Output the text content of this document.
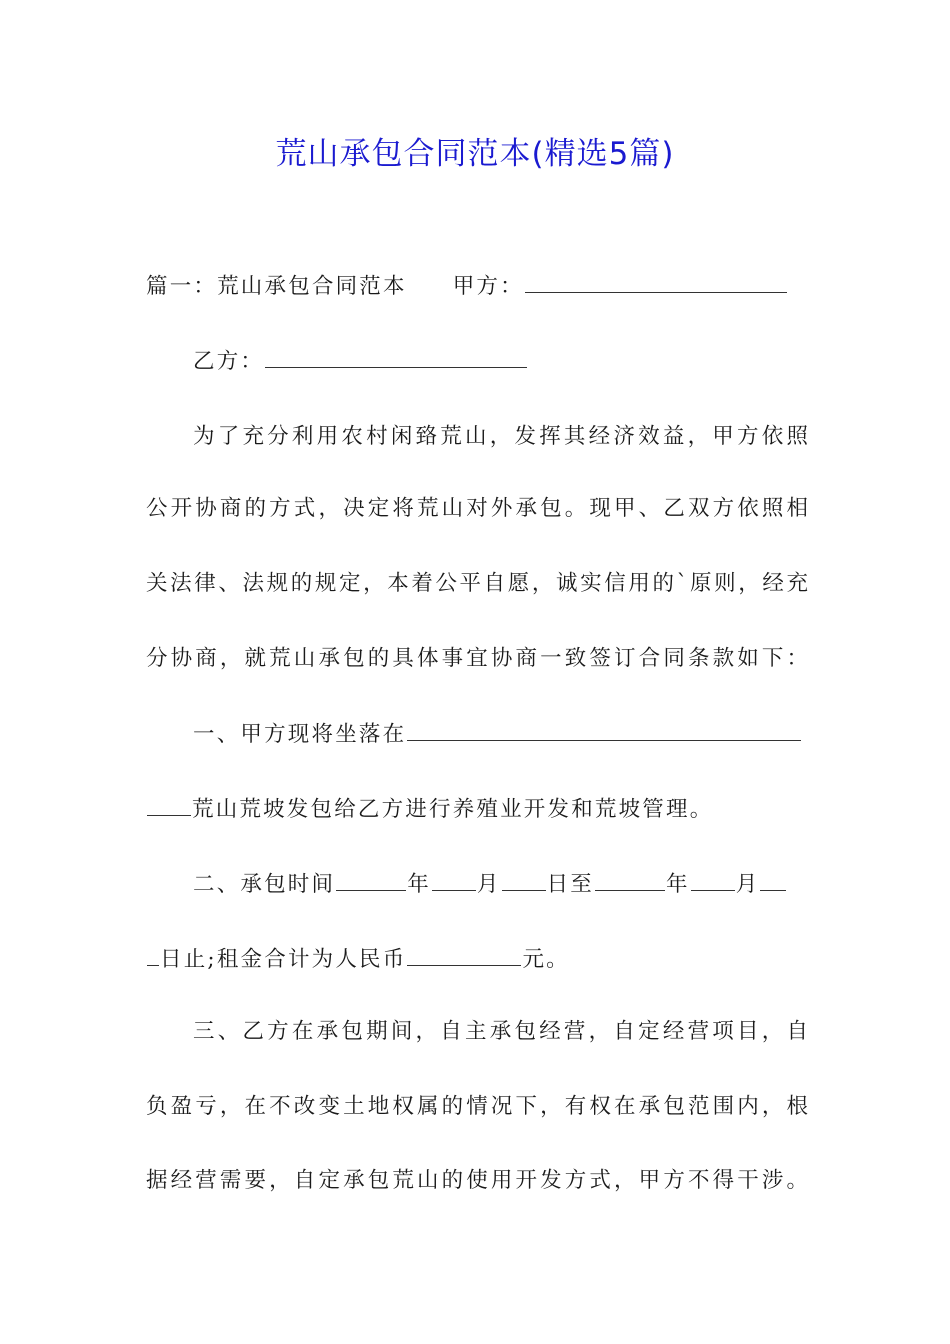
荒山承包合同范本(精选5篇)
篇一：荒山承包合同范本 甲方：
乙方：
为了充分利用农村闲臵荒山，发挥其经济效益，甲方依照
公开协商的方式，决定将荒山对外承包。现甲、乙双方依照相
关法律、法规的规定，本着公平自愿，诚实信用的`原则，经充
分协商，就荒山承包的具体事宜协商一致签订合同条款如下：
一、甲方现将坐落在
荒山荒坡发包给乙方进行养殖业开发和荒坡管理。
二、承包时间	年 月 日至	年 月
日止;租金合计为人民币	元。
三、乙方在承包期间，自主承包经营，自定经营项目，自
负盈亏，在不改变土地权属的情况下，有权在承包范围内，根
据经营需要，自定承包荒山的使用开发方式，甲方不得干涉。
